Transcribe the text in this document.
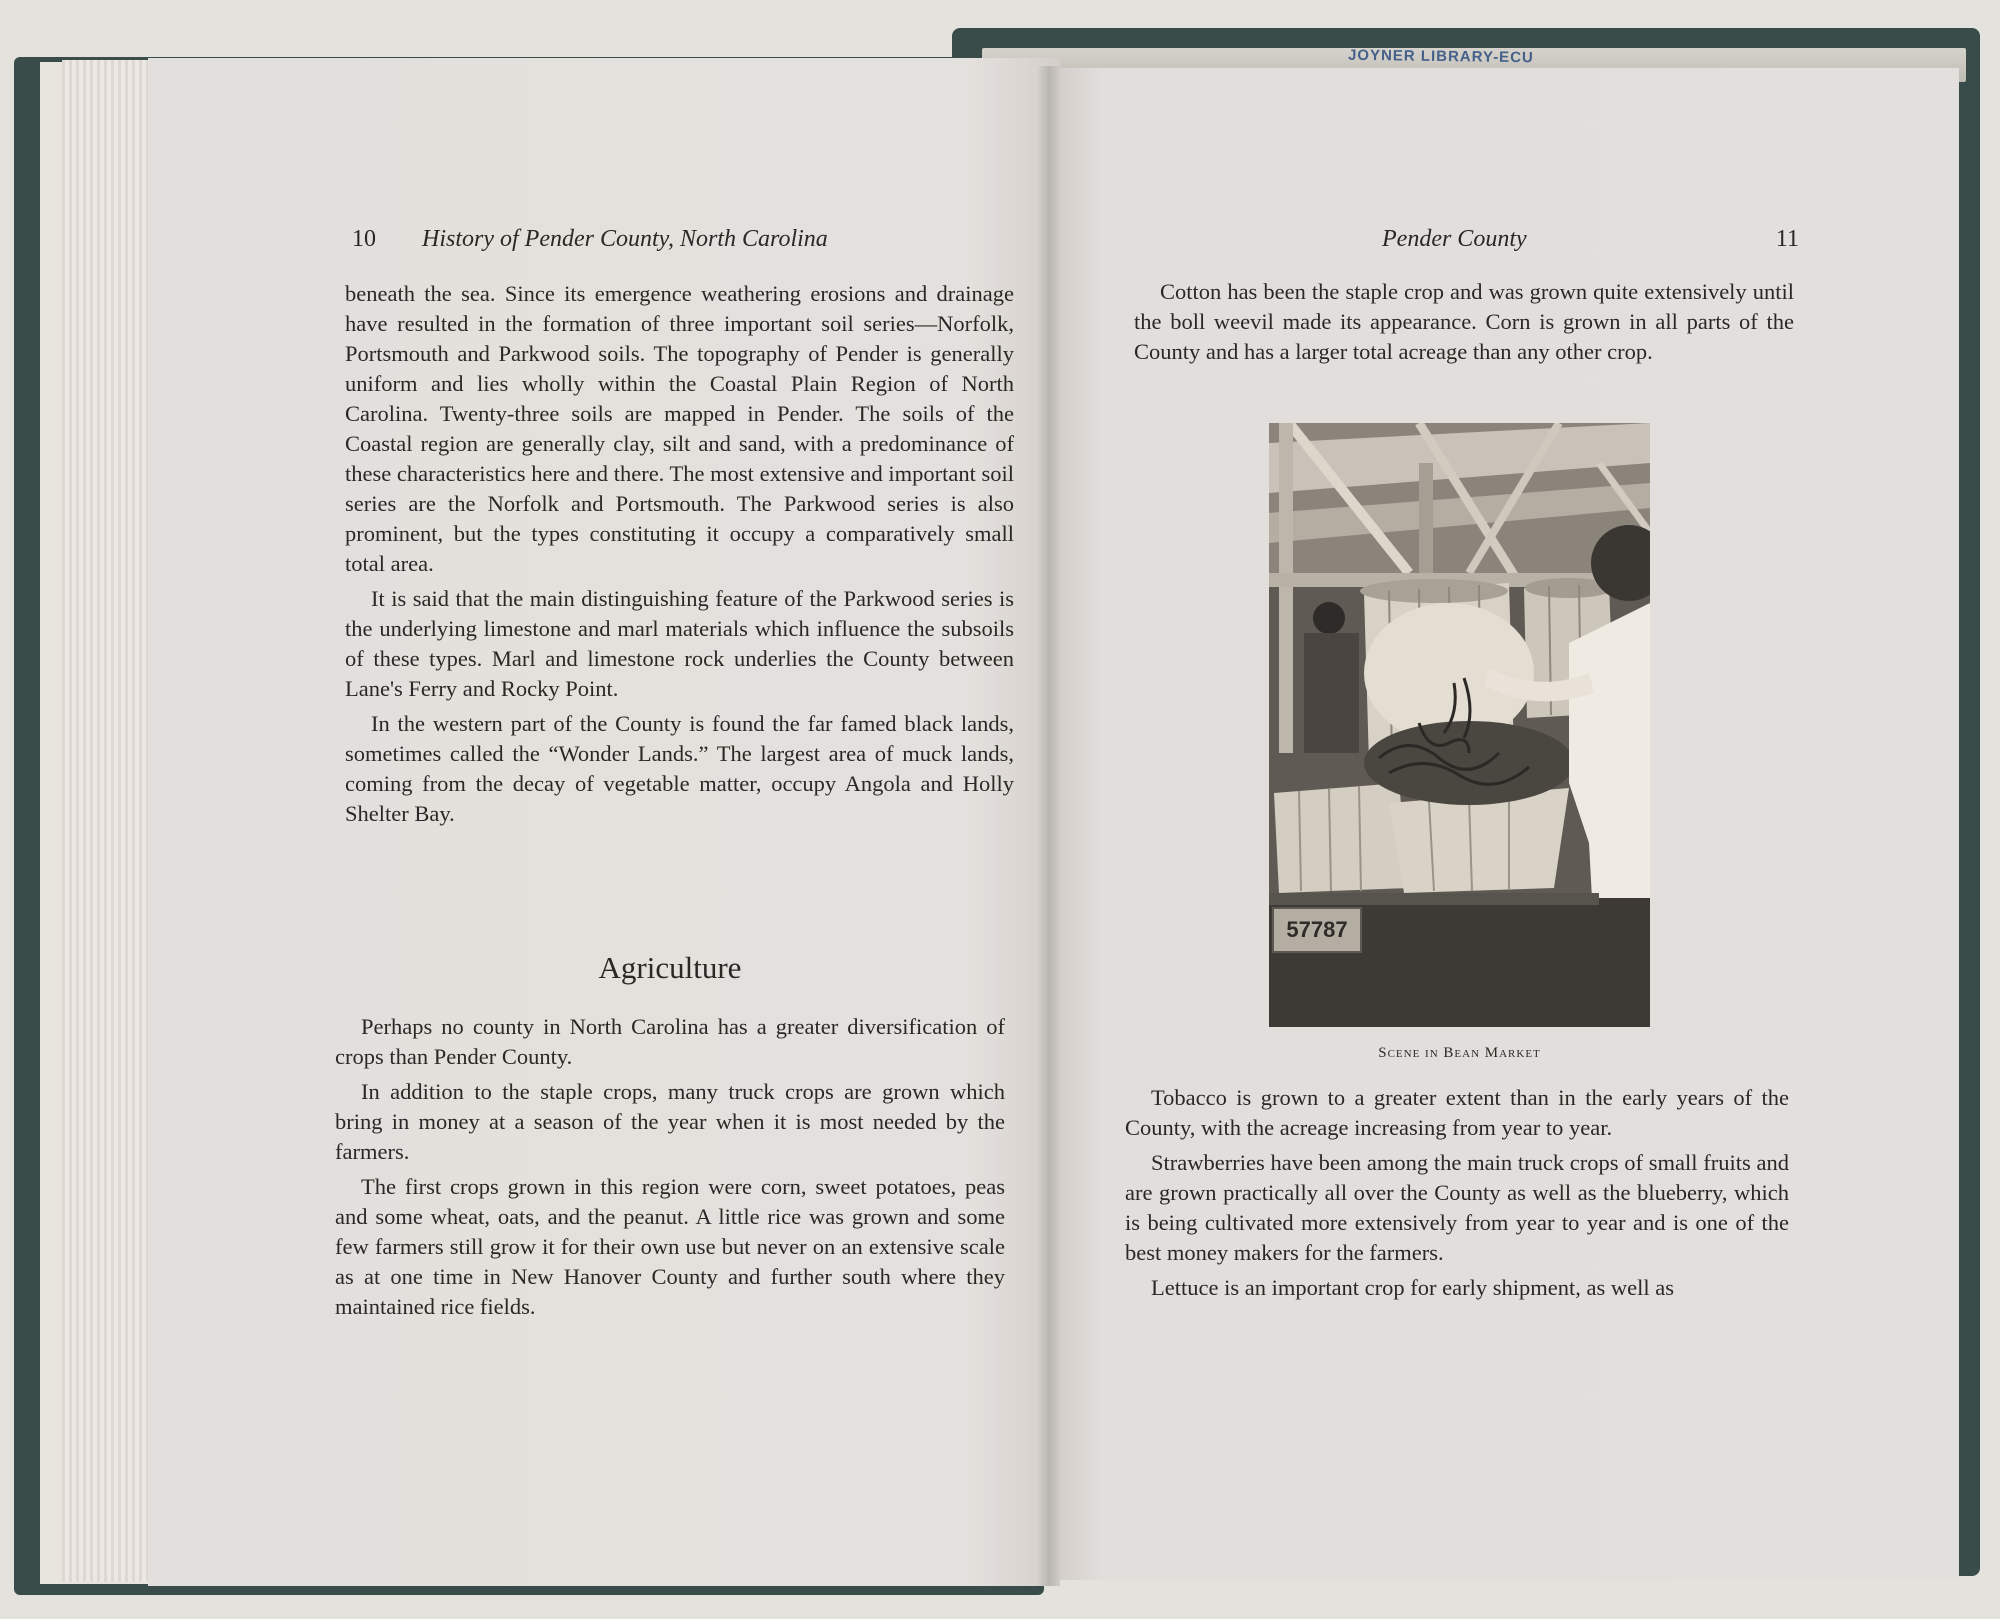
JOYNER LIBRARY-ECU
10 History of Pender County, North Carolina

beneath the sea. Since its emergence weathering erosions and drainage have resulted in the formation of three important soil series—Norfolk, Portsmouth and Parkwood soils. The topography of Pender is generally uniform and lies wholly within the Coastal Plain Region of North Carolina. Twenty-three soils are mapped in Pender. The soils of the Coastal region are generally clay, silt and sand, with a predominance of these characteristics here and there. The most extensive and important soil series are the Norfolk and Portsmouth. The Parkwood series is also prominent, but the types constituting it occupy a comparatively small total area.

It is said that the main distinguishing feature of the Parkwood series is the underlying limestone and marl materials which influence the subsoils of these types. Marl and limestone rock underlies the County between Lane's Ferry and Rocky Point.

In the western part of the County is found the far famed black lands, sometimes called the “Wonder Lands.” The largest area of muck lands, coming from the decay of vegetable matter, occupy Angola and Holly Shelter Bay.

Agriculture

Perhaps no county in North Carolina has a greater diversification of crops than Pender County.

In addition to the staple crops, many truck crops are grown which bring in money at a season of the year when it is most needed by the farmers.

The first crops grown in this region were corn, sweet potatoes, peas and some wheat, oats, and the peanut. A little rice was grown and some few farmers still grow it for their own use but never on an extensive scale as at one time in New Hanover County and further south where they maintained rice fields.

Pender County	11

Cotton has been the staple crop and was grown quite extensively until the boll weevil made its appearance. Corn is grown in all parts of the County and has a larger total acreage than any other crop.

57787
Scene in Bean Market

Tobacco is grown to a greater extent than in the early years of the County, with the acreage increasing from year to year.

Strawberries have been among the main truck crops of small fruits and are grown practically all over the County as well as the blueberry, which is being cultivated more extensively from year to year and is one of the best money makers for the farmers.

Lettuce is an important crop for early shipment, as well as
